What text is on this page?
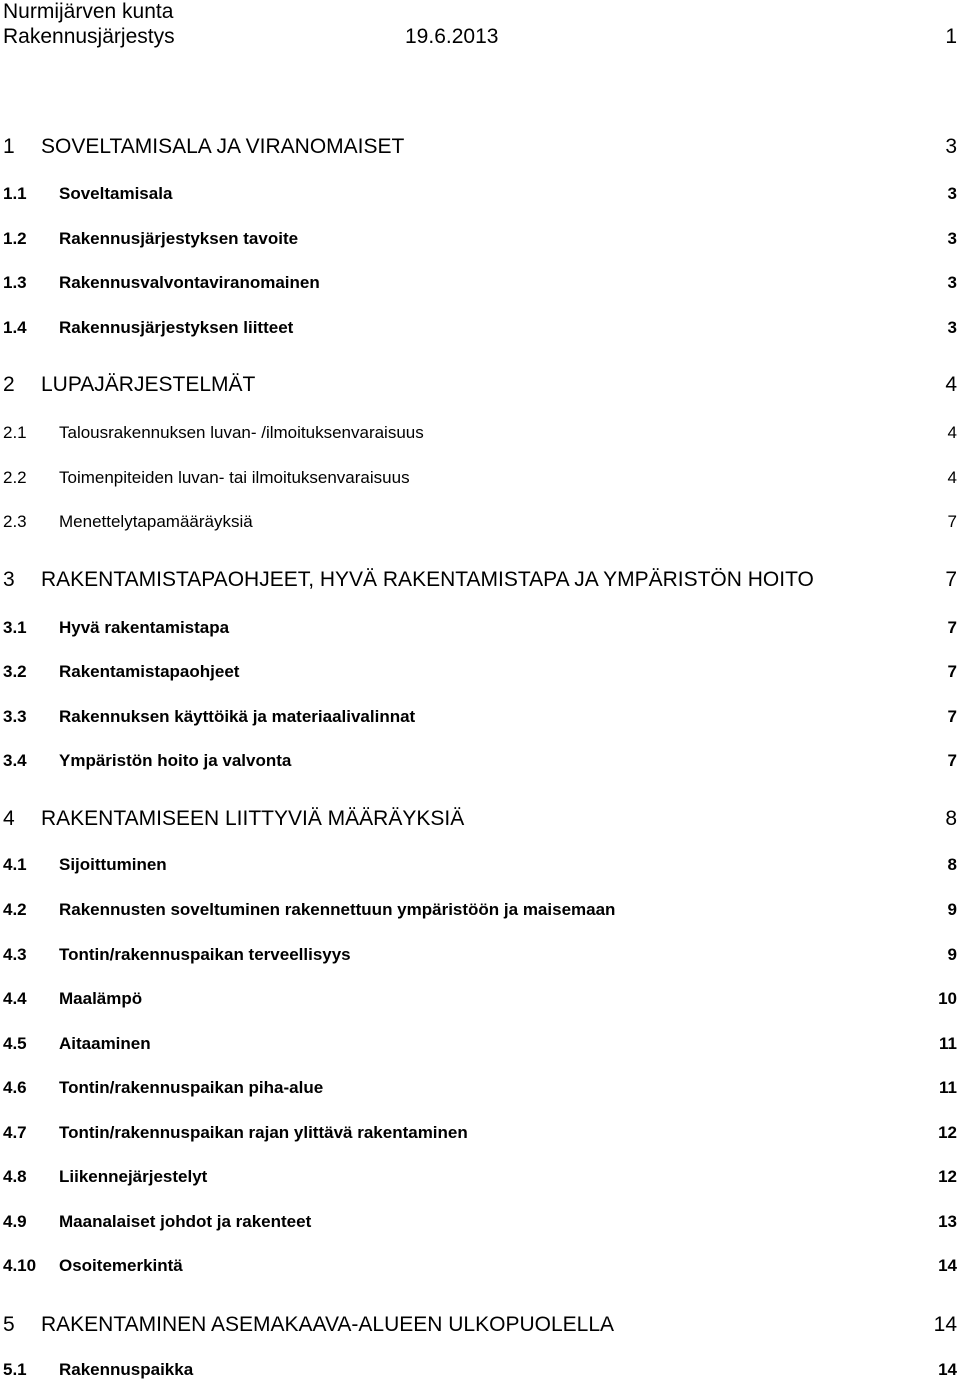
Nurmijärven kunta
Rakennusjärjestys	19.6.2013	1
1 SOVELTAMISALA JA VIRANOMAISET	3
1.1 Soveltamisala	3
1.2 Rakennusjärjestyksen tavoite	3
1.3 Rakennusvalvontaviranomainen	3
1.4 Rakennusjärjestyksen liitteet	3
2 LUPAJÄRJESTELMÄT	4
2.1 Talousrakennuksen luvan- /ilmoituksenvaraisuus	4
2.2 Toimenpiteiden luvan- tai ilmoituksenvaraisuus	4
2.3 Menettelytapamääräyksiä	7
3 RAKENTAMISTAPAOHJEET, HYVÄ RAKENTAMISTAPA JA YMPÄRISTÖN HOITO	7
3.1 Hyvä rakentamistapa	7
3.2 Rakentamistapaohjeet	7
3.3 Rakennuksen käyttöikä ja materiaalivalinnat	7
3.4 Ympäristön hoito ja valvonta	7
4 RAKENTAMISEEN LIITTYVIÄ MÄÄRÄYKSIÄ	8
4.1 Sijoittuminen	8
4.2 Rakennusten soveltuminen rakennettuun ympäristöön ja maisemaan	9
4.3 Tontin/rakennuspaikan terveellisyys	9
4.4 Maalämpö	10
4.5 Aitaaminen	11
4.6 Tontin/rakennuspaikan piha-alue	11
4.7 Tontin/rakennuspaikan rajan ylittävä rakentaminen	12
4.8 Liikennejärjestelyt	12
4.9 Maanalaiset johdot ja rakenteet	13
4.10 Osoitemerkintä	14
5 RAKENTAMINEN ASEMAKAAVA-ALUEEN ULKOPUOLELLA	14
5.1 Rakennuspaikka	14
